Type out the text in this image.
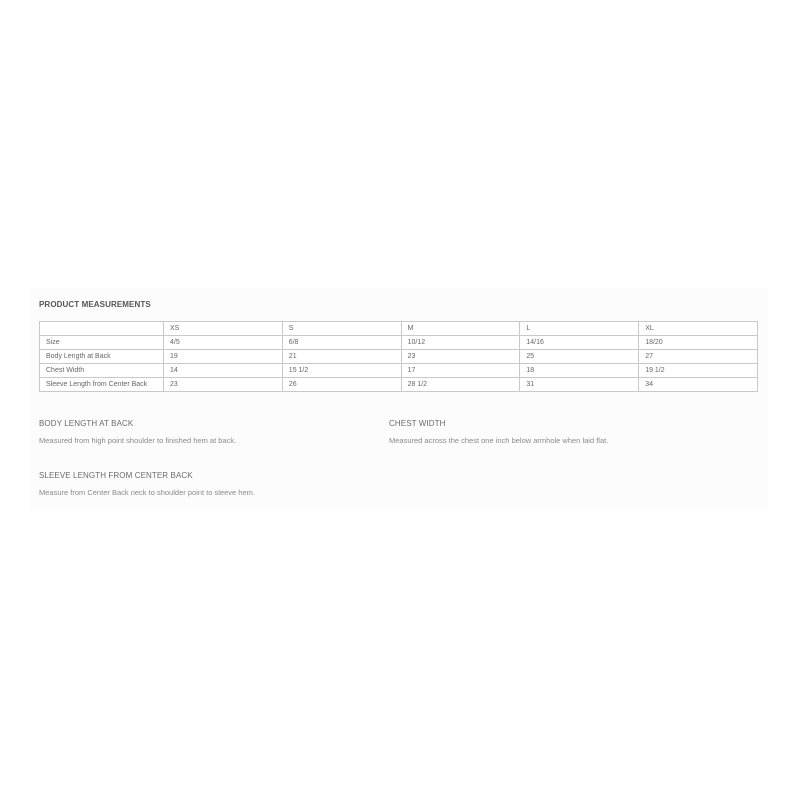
PRODUCT MEASUREMENTS
	XS	S	M	L	XL
Size	4/5	6/8	10/12	14/16	18/20
Body Length at Back	19	21	23	25	27
Chest Width	14	15 1/2	17	18	19 1/2
Sleeve Length from Center Back	23	26	28 1/2	31	34
BODY LENGTH AT BACK
Measured from high point shoulder to finished hem at back.
CHEST WIDTH
Measured across the chest one inch below armhole when laid flat.
SLEEVE LENGTH FROM CENTER BACK
Measure from Center Back neck to shoulder point to sleeve hem.
